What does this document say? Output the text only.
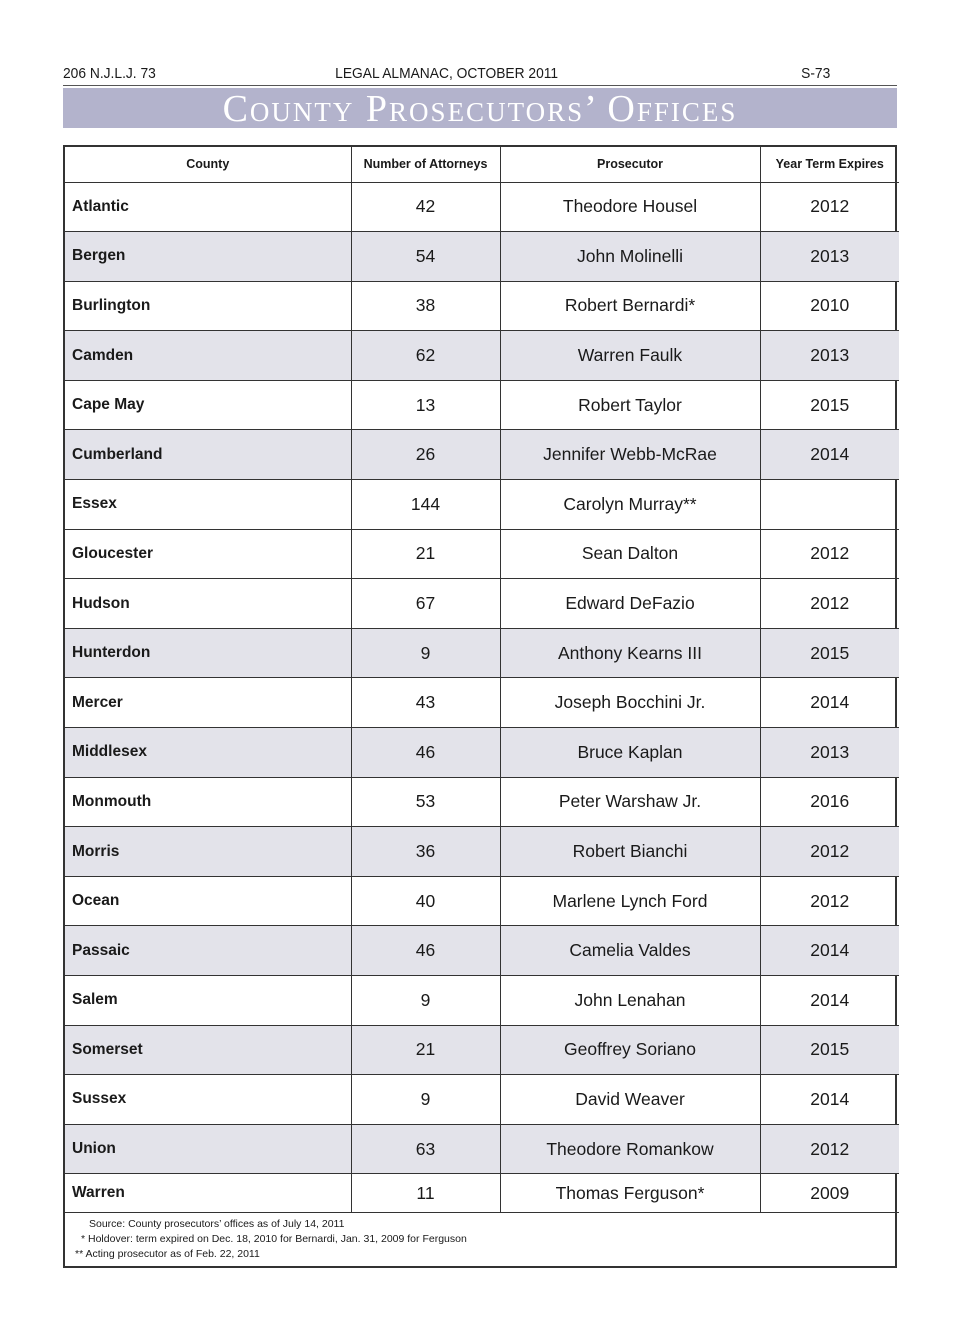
206 N.J.L.J. 73	LEGAL ALMANAC, OCTOBER 2011	S-73
County Prosecutors’ Offices
County	Number of Attorneys	Prosecutor	Year Term Expires
Atlantic	42	Theodore Housel	2012
Bergen	54	John Molinelli	2013
Burlington	38	Robert Bernardi*	2010
Camden	62	Warren Faulk	2013
Cape May	13	Robert Taylor	2015
Cumberland	26	Jennifer Webb-McRae	2014
Essex	144	Carolyn Murray**	
Gloucester	21	Sean Dalton	2012
Hudson	67	Edward DeFazio	2012
Hunterdon	9	Anthony Kearns III	2015
Mercer	43	Joseph Bocchini Jr.	2014
Middlesex	46	Bruce Kaplan	2013
Monmouth	53	Peter Warshaw Jr.	2016
Morris	36	Robert Bianchi	2012
Ocean	40	Marlene Lynch Ford	2012
Passaic	46	Camelia Valdes	2014
Salem	9	John Lenahan	2014
Somerset	21	Geoffrey Soriano	2015
Sussex	9	David Weaver	2014
Union	63	Theodore Romankow	2012
Warren	11	Thomas Ferguson*	2009
Source: County prosecutors’ offices as of July 14, 2011
* Holdover: term expired on Dec. 18, 2010 for Bernardi, Jan. 31, 2009 for Ferguson
** Acting prosecutor as of Feb. 22, 2011
